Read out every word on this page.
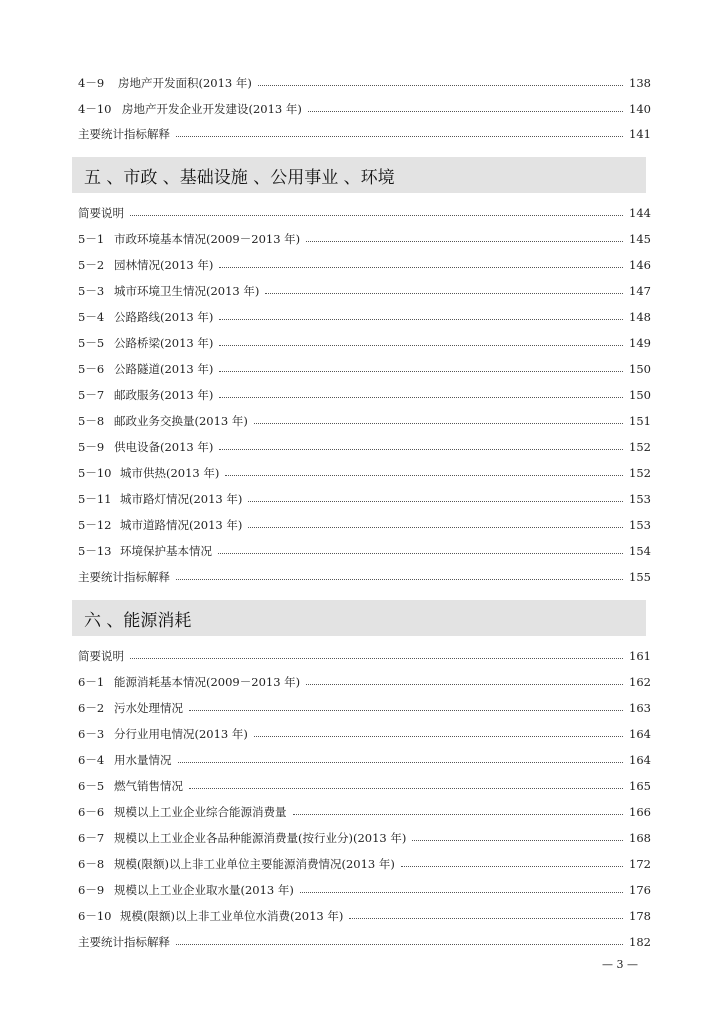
4－9	房地产开发面积(2013 年)	138
4－10 房地产开发企业开发建设(2013 年)	140
主要统计指标解释	141
五 、市政 、基础设施 、公用事业 、环境
简要说明	144
5－1 市政环境基本情况(2009－2013 年)	145
5－2 园林情况(2013 年)	146
5－3 城市环境卫生情况(2013 年)	147
5－4 公路路线(2013 年)	148
5－5 公路桥梁(2013 年)	149
5－6 公路隧道(2013 年)	150
5－7 邮政服务(2013 年)	150
5－8 邮政业务交换量(2013 年)	151
5－9 供电设备(2013 年)	152
5－10 城市供热(2013 年)	152
5－11 城市路灯情况(2013 年)	153
5－12 城市道路情况(2013 年)	153
5－13 环境保护基本情况	154
主要统计指标解释	155
六 、能源消耗
简要说明	161
6－1 能源消耗基本情况(2009－2013 年)	162
6－2 污水处理情况	163
6－3 分行业用电情况(2013 年)	164
6－4 用水量情况	164
6－5 燃气销售情况	165
6－6 规模以上工业企业综合能源消费量	166
6－7 规模以上工业企业各品种能源消费量(按行业分)(2013 年)	168
6－8 规模(限额)以上非工业单位主要能源消费情况(2013 年)	172
6－9 规模以上工业企业取水量(2013 年)	176
6－10 规模(限额)以上非工业单位水消费(2013 年)	178
主要统计指标解释	182
— 3 —
